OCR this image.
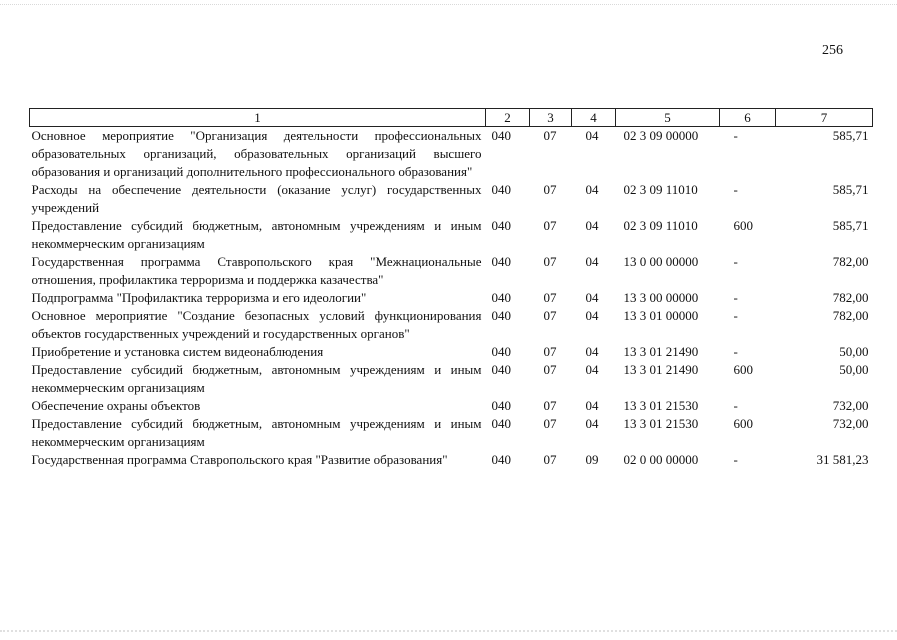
256
1	2	3	4	5	6	7
Основное мероприятие "Организация деятельности профессиональных образовательных организаций, образовательных организаций высшего образования и организаций дополнительного профессионального образования"	040	07	04	02 3 09 00000	-	585,71
Расходы на обеспечение деятельности (оказание услуг) государственных учреждений	040	07	04	02 3 09 11010	-	585,71
Предоставление субсидий бюджетным, автономным учреждениям и иным некоммерческим организациям	040	07	04	02 3 09 11010	600	585,71
Государственная программа Ставропольского края "Межнациональные отношения, профилактика терроризма и поддержка казачества"	040	07	04	13 0 00 00000	-	782,00
Подпрограмма "Профилактика терроризма и его идеологии"	040	07	04	13 3 00 00000	-	782,00
Основное мероприятие "Создание безопасных условий функционирования объектов государственных учреждений и государственных органов"	040	07	04	13 3 01 00000	-	782,00
Приобретение и установка систем видеонаблюдения	040	07	04	13 3 01 21490	-	50,00
Предоставление субсидий бюджетным, автономным учреждениям и иным некоммерческим организациям	040	07	04	13 3 01 21490	600	50,00
Обеспечение охраны объектов	040	07	04	13 3 01 21530	-	732,00
Предоставление субсидий бюджетным, автономным учреждениям и иным некоммерческим организациям	040	07	04	13 3 01 21530	600	732,00
Государственная программа Ставропольского края "Развитие образования"	040	07	09	02 0 00 00000	-	31 581,23
